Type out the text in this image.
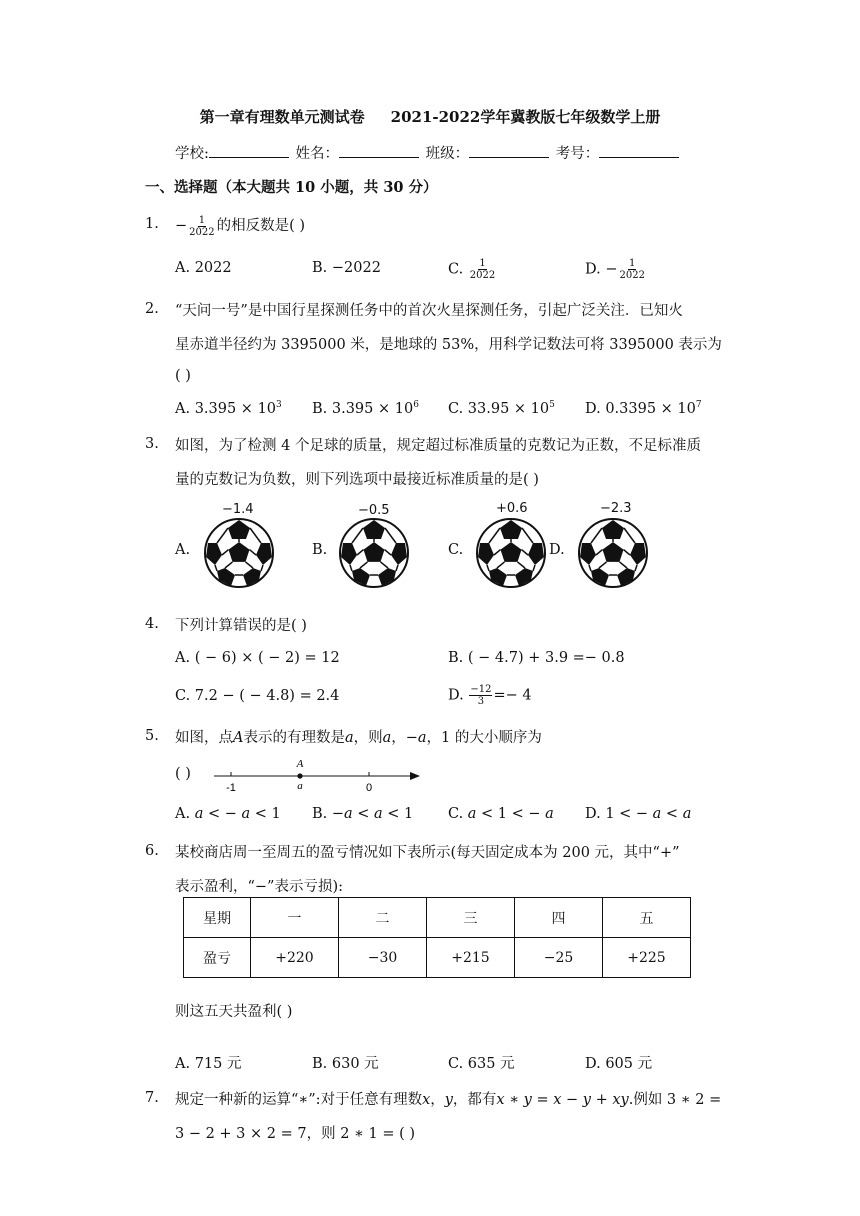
第一章有理数单元测试卷 2021-2022学年冀教版七年级数学上册
学校:	姓名：	班级：	考号：
一、选择题（本大题共 10 小题，共 30 分）
1. − $\frac{1}{2022}$ 的相反数是( )
A. 2022	B. −2022	C. $\frac{1}{2022}$	D. − $\frac{1}{2022}$
2. “天问一号”是中国行星探测任务中的首次火星探测任务，引起广泛关注．已知火
星赤道半径约为 3395000 米，是地球的 53%，用科学记数法可将 3395000 表示为
( )
A. $3.395 \times 10^3$ B. $3.395 \times 10^6$ C. $33.95 \times 10^5$ D. $0.3395 \times 10^7$
3. 如图，为了检测 4 个足球的质量，规定超过标准质量的克数记为正数，不足标准质
量的克数记为负数，则下列选项中最接近标准质量的是( )
A.
−1.4
B.
−0.5
C.
+0.6
D.
−2.3
4. 下列计算错误的是( )
A. ( − 6) × ( − 2) = 12	B. ( − 4.7) + 3.9 =− 0.8
C. 7.2 − ( − 4.8) = 2.4	D. $\frac{-12}{3} =- 4$
5. 如图，点𝐴表示的有理数是𝑎，则𝑎，−𝑎，1 的大小顺序为
( )
A
a
-1	0
A. 𝑎 < − 𝑎 < 1 B. −𝑎 < 𝑎 < 1 C. 𝑎 < 1 < − 𝑎 D. 1 < − 𝑎 < 𝑎
6. 某校商店周一至周五的盈亏情况如下表所示(每天固定成本为 200 元，其中“+”
表示盈利，“−”表示亏损):
星期	一	二	三	四	五
盈亏	+220	−30	+215	−25	+225
则这五天共盈利( )
A. 715 元	B. 630 元	C. 635 元	D. 605 元
7. 规定一种新的运算“∗”:对于任意有理数𝑥，𝑦，都有𝑥 ∗ 𝑦 = 𝑥 − 𝑦 + 𝑥𝑦.例如 3 ∗ 2 =
3 − 2 + 3 × 2 = 7，则 2 ∗ 1 = ( )
